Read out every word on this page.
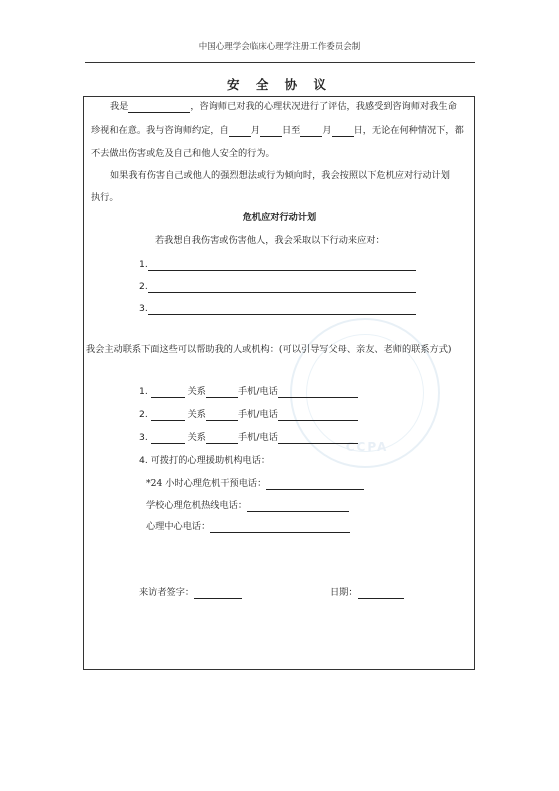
中国心理学会临床心理学注册工作委员会制
安 全 协 议
CCPA
我是	，咨询师已对我的心理状况进行了评估，我感受到咨询师对我生命
珍视和在意。我与咨询师约定，自 月 日至 月 日，无论在何种情况下，都
不去做出伤害或危及自己和他人安全的行为。
如果我有伤害自己或他人的强烈想法或行为倾向时，我会按照以下危机应对行动计划
执行。
危机应对行动计划
若我想自我伤害或伤害他人，我会采取以下行动来应对：
1.
2.
3.
我会主动联系下面这些可以帮助我的人或机构：(可以引导写父母、亲友、老师的联系方式)
1.	关系	手机/电话
2.	关系	手机/电话
3.	关系	手机/电话
4. 可拨打的心理援助机构电话：
*24 小时心理危机干预电话：
学校心理危机热线电话：
心理中心电话：
来访者签字：	日期：
